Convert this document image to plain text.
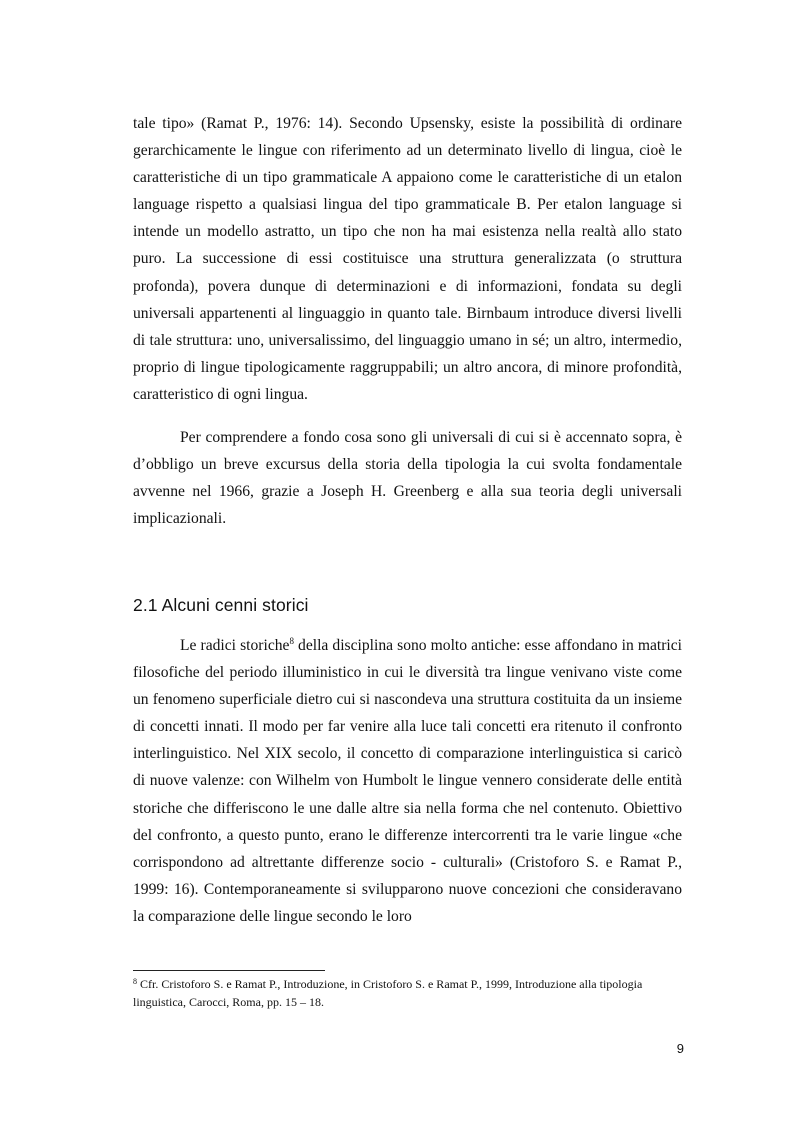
tale tipo» (Ramat P., 1976: 14). Secondo Upsensky, esiste la possibilità di ordinare gerarchicamente le lingue con riferimento ad un determinato livello di lingua, cioè le caratteristiche di un tipo grammaticale A appaiono come le caratteristiche di un etalon language rispetto a qualsiasi lingua del tipo grammaticale B. Per etalon language si intende un modello astratto, un tipo che non ha mai esistenza nella realtà allo stato puro. La successione di essi costituisce una struttura generalizzata (o struttura profonda), povera dunque di determinazioni e di informazioni, fondata su degli universali appartenenti al linguaggio in quanto tale. Birnbaum introduce diversi livelli di tale struttura: uno, universalissimo, del linguaggio umano in sé; un altro, intermedio, proprio di lingue tipologicamente raggruppabili; un altro ancora, di minore profondità, caratteristico di ogni lingua.

Per comprendere a fondo cosa sono gli universali di cui si è accennato sopra, è d’obbligo un breve excursus della storia della tipologia la cui svolta fondamentale avvenne nel 1966, grazie a Joseph H. Greenberg e alla sua teoria degli universali implicazionali.

2.1 Alcuni cenni storici

Le radici storiche$^8$ della disciplina sono molto antiche: esse affondano in matrici filosofiche del periodo illuministico in cui le diversità tra lingue venivano viste come un fenomeno superficiale dietro cui si nascondeva una struttura costituita da un insieme di concetti innati. Il modo per far venire alla luce tali concetti era ritenuto il confronto interlinguistico. Nel XIX secolo, il concetto di comparazione interlinguistica si caricò di nuove valenze: con Wilhelm von Humbolt le lingue vennero considerate delle entità storiche che differiscono le une dalle altre sia nella forma che nel contenuto. Obiettivo del confronto, a questo punto, erano le differenze intercorrenti tra le varie lingue «che corrispondono ad altrettante differenze socio - culturali» (Cristoforo S. e Ramat P., 1999: 16). Contemporaneamente si svilupparono nuove concezioni che consideravano la comparazione delle lingue secondo le loro

$^8$ Cfr. Cristoforo S. e Ramat P., Introduzione, in Cristoforo S. e Ramat P., 1999, Introduzione alla tipologia linguistica, Carocci, Roma, pp. 15 – 18.

9
